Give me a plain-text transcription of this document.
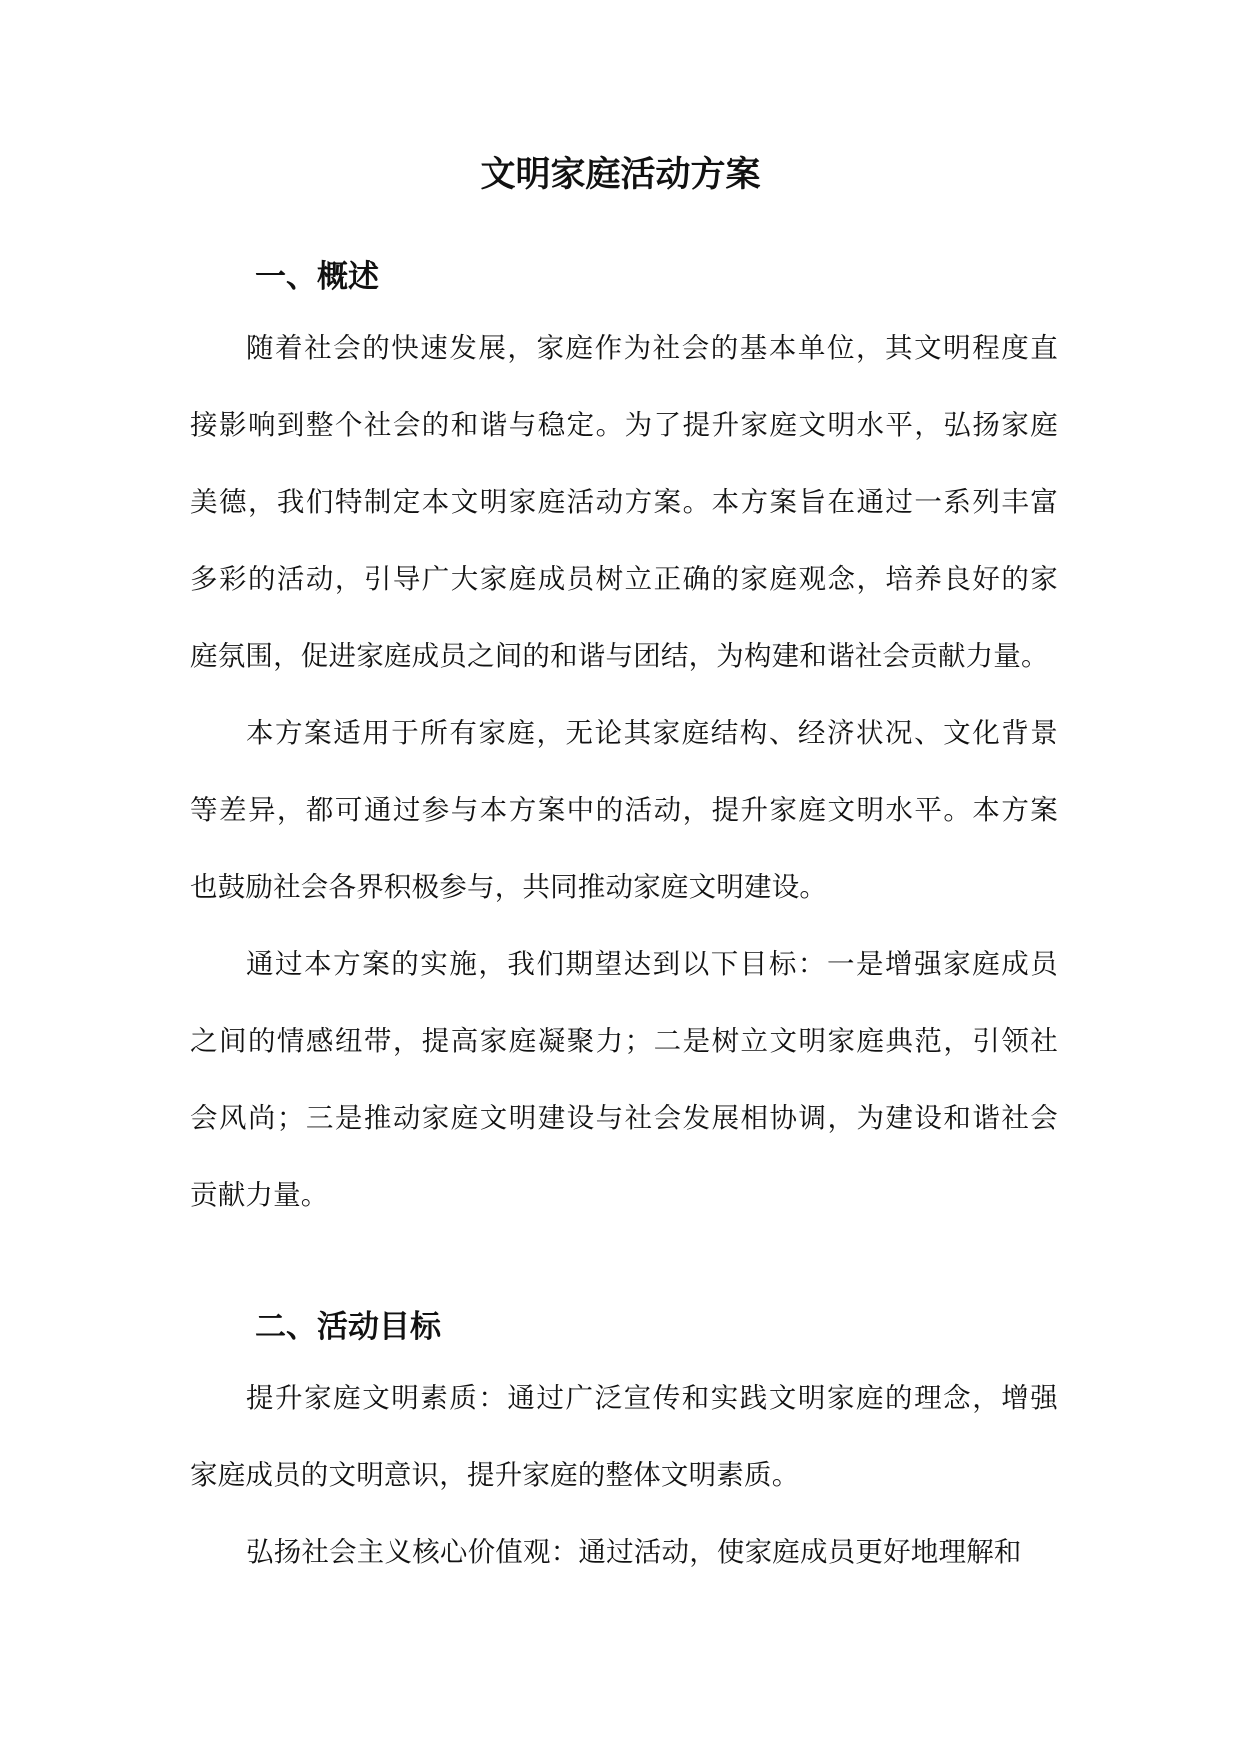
文明家庭活动方案
一、概述
随着社会的快速发展，家庭作为社会的基本单位，其文明程度直
接影响到整个社会的和谐与稳定。为了提升家庭文明水平，弘扬家庭
美德，我们特制定本文明家庭活动方案。本方案旨在通过一系列丰富
多彩的活动，引导广大家庭成员树立正确的家庭观念，培养良好的家
庭氛围，促进家庭成员之间的和谐与团结，为构建和谐社会贡献力量。
本方案适用于所有家庭，无论其家庭结构、经济状况、文化背景
等差异，都可通过参与本方案中的活动，提升家庭文明水平。本方案
也鼓励社会各界积极参与，共同推动家庭文明建设。
通过本方案的实施，我们期望达到以下目标：一是增强家庭成员
之间的情感纽带，提高家庭凝聚力；二是树立文明家庭典范，引领社
会风尚；三是推动家庭文明建设与社会发展相协调，为建设和谐社会
贡献力量。
二、活动目标
提升家庭文明素质：通过广泛宣传和实践文明家庭的理念，增强
家庭成员的文明意识，提升家庭的整体文明素质。
弘扬社会主义核心价值观：通过活动，使家庭成员更好地理解和
